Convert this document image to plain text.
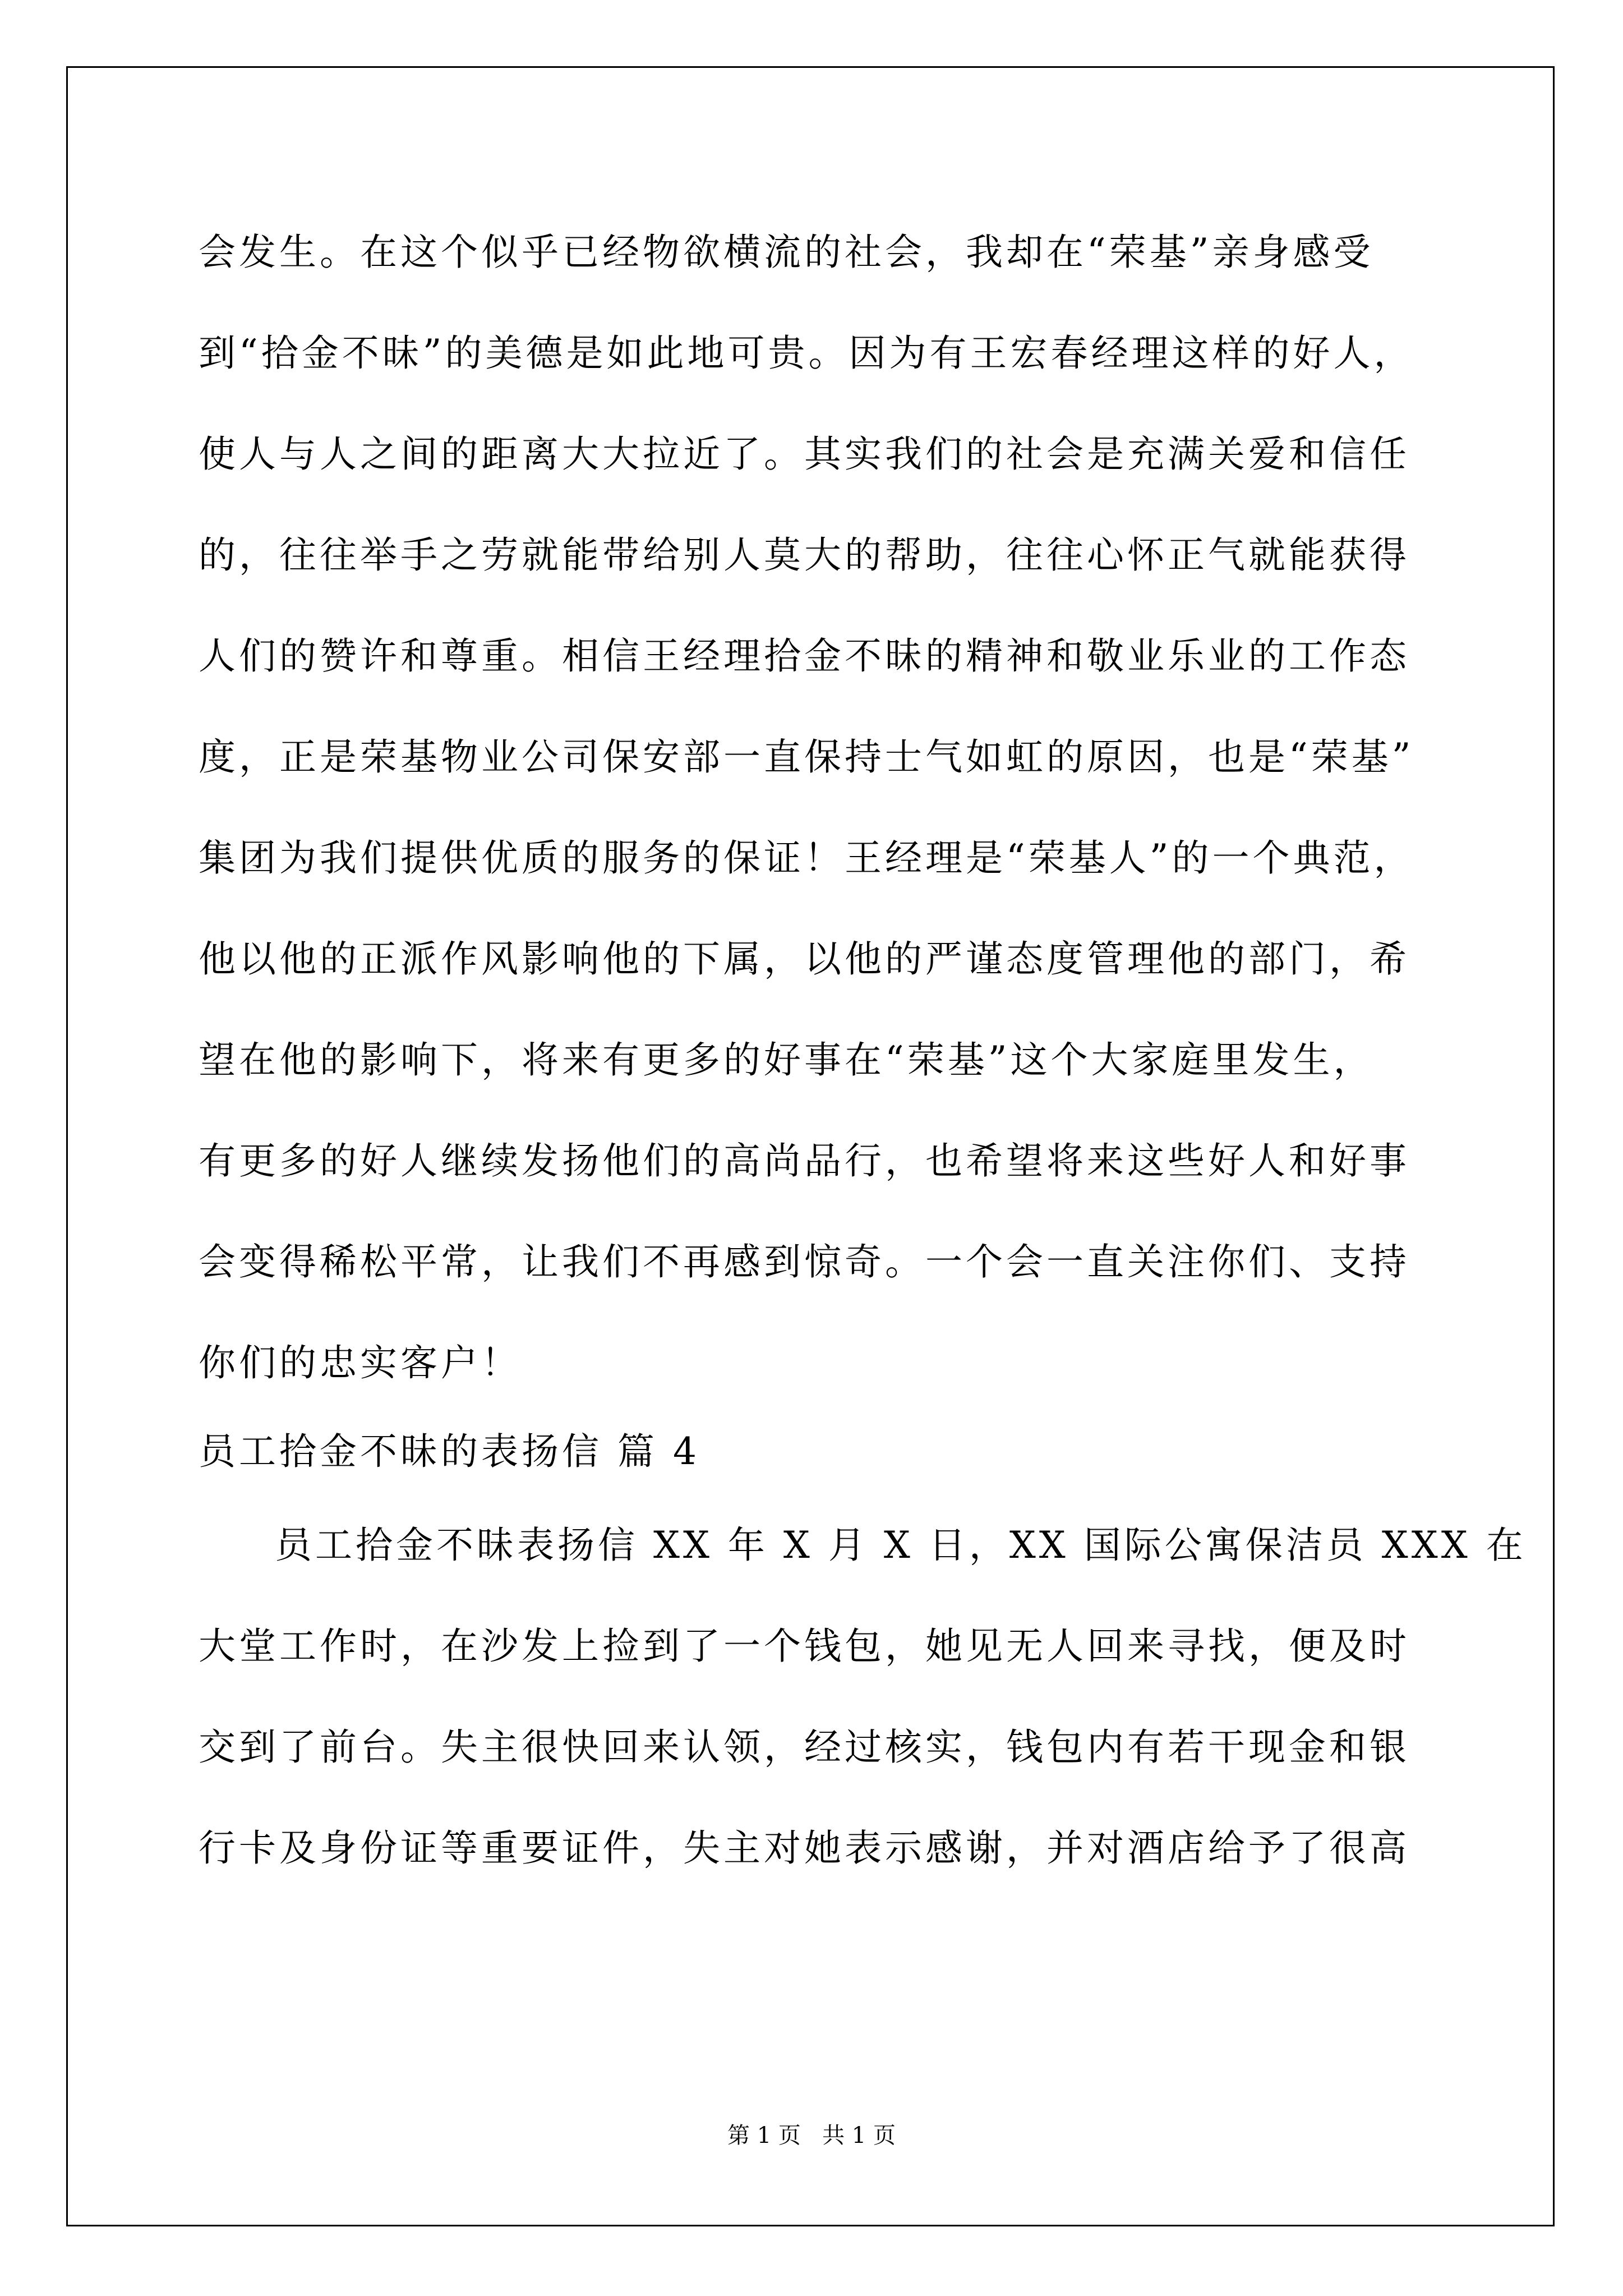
会发生。在这个似乎已经物欲横流的社会，我却在“荣基”亲身感受
到“拾金不昧”的美德是如此地可贵。因为有王宏春经理这样的好人，
使人与人之间的距离大大拉近了。其实我们的社会是充满关爱和信任
的，往往举手之劳就能带给别人莫大的帮助，往往心怀正气就能获得
人们的赞许和尊重。相信王经理拾金不昧的精神和敬业乐业的工作态
度，正是荣基物业公司保安部一直保持士气如虹的原因，也是“荣基”
集团为我们提供优质的服务的保证！王经理是“荣基人”的一个典范，
他以他的正派作风影响他的下属，以他的严谨态度管理他的部门，希
望在他的影响下，将来有更多的好事在“荣基”这个大家庭里发生，
有更多的好人继续发扬他们的高尚品行，也希望将来这些好人和好事
会变得稀松平常，让我们不再感到惊奇。一个会一直关注你们、支持
你们的忠实客户！
员工拾金不昧的表扬信 篇 4
员工拾金不昧表扬信 XX 年 X 月 X 日，XX 国际公寓保洁员 XXX 在
大堂工作时，在沙发上捡到了一个钱包，她见无人回来寻找，便及时
交到了前台。失主很快回来认领，经过核实，钱包内有若干现金和银
行卡及身份证等重要证件，失主对她表示感谢，并对酒店给予了很高
第 1 页   共 1 页
